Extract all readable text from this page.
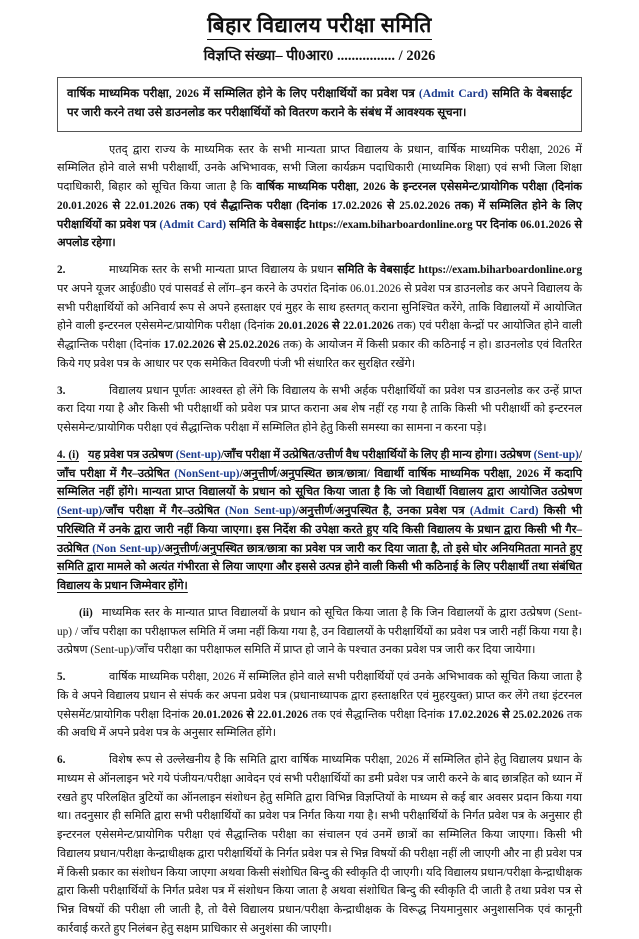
बिहार विद्यालय परीक्षा समिति
विज्ञप्ति संख्या– पी0आर0 ................ / 2026
वार्षिक माध्यमिक परीक्षा, 2026 में सम्मिलित होने के लिए परीक्षार्थियों का प्रवेश पत्र (Admit Card) समिति के वेबसाईट पर जारी करने तथा उसे डाउनलोड कर परीक्षार्थियों को वितरण कराने के संबंध में आवश्यक सूचना।
एतद् द्वारा राज्य के माध्यमिक स्तर के सभी मान्यता प्राप्त विद्यालय के प्रधान, वार्षिक माध्यमिक परीक्षा, 2026 में सम्मिलित होने वाले सभी परीक्षार्थी, उनके अभिभावक, सभी जिला कार्यक्रम पदाधिकारी (माध्यमिक शिक्षा) एवं सभी जिला शिक्षा पदाधिकारी, बिहार को सूचित किया जाता है कि वार्षिक माध्यमिक परीक्षा, 2026 के इन्टरनल एसेसमेन्ट/प्रायोगिक परीक्षा (दिनांक 20.01.2026 से 22.01.2026 तक) एवं सैद्धान्तिक परीक्षा (दिनांक 17.02.2026 से 25.02.2026 तक) में सम्मिलित होने के लिए परीक्षार्थियों का प्रवेश पत्र (Admit Card) समिति के वेबसाईट https://exam.biharboardonline.org पर दिनांक 06.01.2026 से अपलोड रहेगा।
2.	माध्यमिक स्तर के सभी मान्यता प्राप्त विद्यालय के प्रधान समिति के वेबसाईट https://exam.biharboardonline.org पर अपने यूजर आई0डी0 एवं पासवर्ड से लॉग–इन करने के उपरांत दिनांक 06.01.2026 से प्रवेश पत्र डाउनलोड कर अपने विद्यालय के सभी परीक्षार्थियों को अनिवार्य रूप से अपने हस्ताक्षर एवं मुहर के साथ हस्तगत् कराना सुनिश्चित करेंगे, ताकि विद्यालयों में आयोजित होने वाली इन्टरनल एसेसमेन्ट/प्रायोगिक परीक्षा (दिनांक 20.01.2026 से 22.01.2026 तक) एवं परीक्षा केन्द्रों पर आयोजित होने वाली सैद्धान्तिक परीक्षा (दिनांक 17.02.2026 से 25.02.2026 तक) के आयोजन में किसी प्रकार की कठिनाई न हो। डाउनलोड एवं वितरित किये गए प्रवेश पत्र के आधार पर एक समेकित विवरणी पंजी भी संधारित कर सुरक्षित रखेंगे।
3.	विद्यालय प्रधान पूर्णतः आश्वस्त हो लेंगे कि विद्यालय के सभी अर्हक परीक्षार्थियों का प्रवेश पत्र डाउनलोड कर उन्हें प्राप्त करा दिया गया है और किसी भी परीक्षार्थी को प्रवेश पत्र प्राप्त कराना अब शेष नहीं रह गया है ताकि किसी भी परीक्षार्थी को इन्टरनल एसेसमेन्ट/प्रायोगिक परीक्षा एवं सैद्धान्तिक परीक्षा में सम्मिलित होने हेतु किसी समस्या का सामना न करना पड़े।
4. (i) यह प्रवेश पत्र उत्प्रेषण (Sent-up)/जाँच परीक्षा में उत्प्रेषित/उत्तीर्ण वैध परीक्षार्थियों के लिए ही मान्य होगा। उत्प्रेषण (Sent-up)/जाँच परीक्षा में गैर–उत्प्रेषित (NonSent-up)/अनुत्तीर्ण/अनुपस्थित छात्र/छात्रा/ विद्यार्थी वार्षिक माध्यमिक परीक्षा, 2026 में कदापि सम्मिलित नहीं होंगे। मान्यता प्राप्त विद्यालयों के प्रधान को सूचित किया जाता है कि जो विद्यार्थी विद्यालय द्वारा आयोजित उत्प्रेषण (Sent-up)/जाँच परीक्षा में गैर–उत्प्रेषित (Non Sent-up)/अनुत्तीर्ण/अनुपस्थित है, उनका प्रवेश पत्र (Admit Card) किसी भी परिस्थिति में उनके द्वारा जारी नहीं किया जाएगा। इस निर्देश की उपेक्षा करते हुए यदि किसी विद्यालय के प्रधान द्वारा किसी भी गैर–उत्प्रेषित (Non Sent-up)/अनुत्तीर्ण/अनुपस्थित छात्र/छात्रा का प्रवेश पत्र जारी कर दिया जाता है, तो इसे घोर अनियमितता मानते हुए समिति द्वारा मामले को अत्यंत गंभीरता से लिया जाएगा और इससे उत्पन्न होने वाली किसी भी कठिनाई के लिए परीक्षार्थी तथा संबंधित विद्यालय के प्रधान जिम्मेवार होंगे।
(ii) माध्यमिक स्तर के मान्यात प्राप्त विद्यालयों के प्रधान को सूचित किया जाता है कि जिन विद्यालयों के द्वारा उत्प्रेषण (Sent-up) / जाँच परीक्षा का परीक्षाफल समिति में जमा नहीं किया गया है, उन विद्यालयों के परीक्षार्थियों का प्रवेश पत्र जारी नहीं किया गया है। उत्प्रेषण (Sent-up)/जाँच परीक्षा का परीक्षाफल समिति में प्राप्त हो जाने के पश्चात उनका प्रवेश पत्र जारी कर दिया जायेगा।
5.	वार्षिक माध्यमिक परीक्षा, 2026 में सम्मिलित होने वाले सभी परीक्षार्थियों एवं उनके अभिभावक को सूचित किया जाता है कि वे अपने विद्यालय प्रधान से संपर्क कर अपना प्रवेश पत्र (प्रधानाध्यापक द्वारा हस्ताक्षरित एवं मुहरयुक्त) प्राप्त कर लेंगे तथा इंटरनल एसेसमेंट/प्रायोगिक परीक्षा दिनांक 20.01.2026 से 22.01.2026 तक एवं सैद्धान्तिक परीक्षा दिनांक 17.02.2026 से 25.02.2026 तक की अवधि में अपने प्रवेश पत्र के अनुसार सम्मिलित होंगे।
6.	विशेष रूप से उल्लेखनीय है कि समिति द्वारा वार्षिक माध्यमिक परीक्षा, 2026 में सम्मिलित होने हेतु विद्यालय प्रधान के माध्यम से ऑनलाइन भरे गये पंजीयन/परीक्षा आवेदन एवं सभी परीक्षार्थियों का डमी प्रवेश पत्र जारी करने के बाद छात्रहित को ध्यान में रखते हुए परिलक्षित त्रुटियों का ऑनलाइन संशोधन हेतु समिति द्वारा विभिन्न विज्ञप्तियों के माध्यम से कई बार अवसर प्रदान किया गया था। तदनुसार ही समिति द्वारा सभी परीक्षार्थियों का प्रवेश पत्र निर्गत किया गया है। सभी परीक्षार्थियों के निर्गत प्रवेश पत्र के अनुसार ही इन्टरनल एसेसमेन्ट/प्रायोगिक परीक्षा एवं सैद्धान्तिक परीक्षा का संचालन एवं उनमें छात्रों का सम्मिलित किया जाएगा। किसी भी विद्यालय प्रधान/परीक्षा केन्द्राधीक्षक द्वारा परीक्षार्थियों के निर्गत प्रवेश पत्र से भिन्न विषयों की परीक्षा नहीं ली जाएगी और ना ही प्रवेश पत्र में किसी प्रकार का संशोधन किया जाएगा अथवा किसी संशोधित बिन्दु की स्वीकृति दी जाएगी। यदि विद्यालय प्रधान/परीक्षा केन्द्राधीक्षक द्वारा किसी परीक्षार्थियों के निर्गत प्रवेश पत्र में संशोधन किया जाता है अथवा संशोधित बिन्दु की स्वीकृति दी जाती है तथा प्रवेश पत्र से भिन्न विषयों की परीक्षा ली जाती है, तो वैसे विद्यालय प्रधान/परीक्षा केन्द्राधीक्षक के विरूद्ध नियमानुसार अनुशासनिक एवं कानूनी कार्रवाई करते हुए निलंबन हेतु सक्षम प्राधिकार से अनुशंसा की जाएगी।
